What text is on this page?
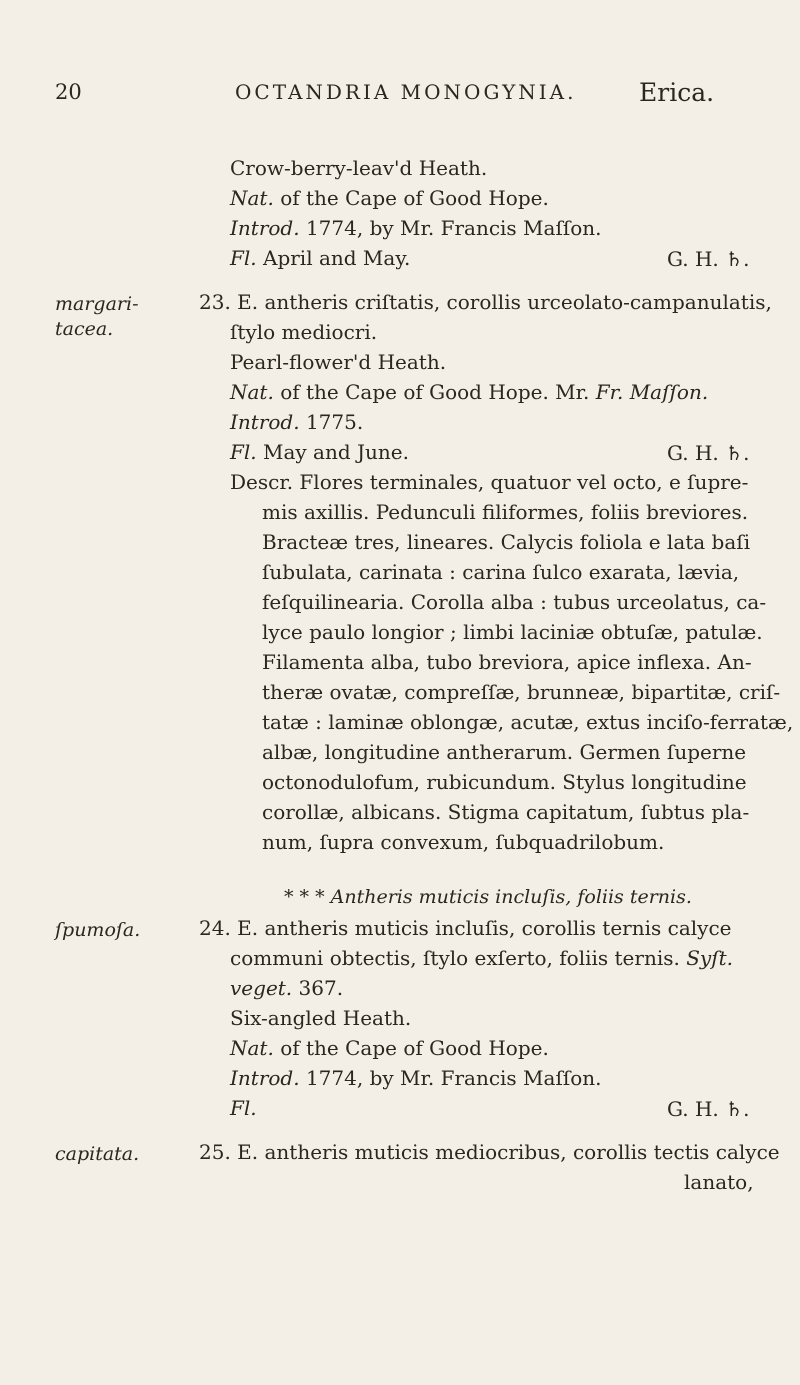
20	OCTANDRIA MONOGYNIA.	Erica.
Crow-berry-leav'd Heath.
Nat. of the Cape of Good Hope.
Introd. 1774, by Mr. Francis Maſſon.
Fl. April and May.	G. H. ♄.
margari-
tacea.
23. E. antheris criſtatis, corollis urceolato-campanulatis,
ſtylo mediocri.
Pearl-flower'd Heath.
Nat. of the Cape of Good Hope. Mr. Fr. Maſſon.
Introd. 1775.
Fl. May and June.	G. H. ♄.
Descr. Flores terminales, quatuor vel octo, e ſupre-
mis axillis. Pedunculi filiformes, foliis breviores.
Bracteæ tres, lineares. Calycis foliola e lata baſi
ſubulata, carinata : carina ſulco exarata, lævia,
feſquilinearia. Corolla alba : tubus urceolatus, ca-
lyce paulo longior ; limbi laciniæ obtuſæ, patulæ.
Filamenta alba, tubo breviora, apice inflexa. An-
theræ ovatæ, compreſſæ, brunneæ, bipartitæ, criſ-
tatæ : laminæ oblongæ, acutæ, extus inciſo-ferratæ,
albæ, longitudine antherarum. Germen ſuperne
octonodulofum, rubicundum. Stylus longitudine
corollæ, albicans. Stigma capitatum, ſubtus pla-
num, ſupra convexum, ſubquadrilobum.
* * * Antheris muticis incluſis, foliis ternis.
ſpumoſa.	24. E. antheris muticis incluſis, corollis ternis calyce
communi obtectis, ſtylo exſerto, foliis ternis. Syſt.
veget. 367.
Six-angled Heath.
Nat. of the Cape of Good Hope.
Introd. 1774, by Mr. Francis Maſſon.
Fl.	G. H. ♄.
capitata.	25. E. antheris muticis mediocribus, corollis tectis calyce
lanato,
